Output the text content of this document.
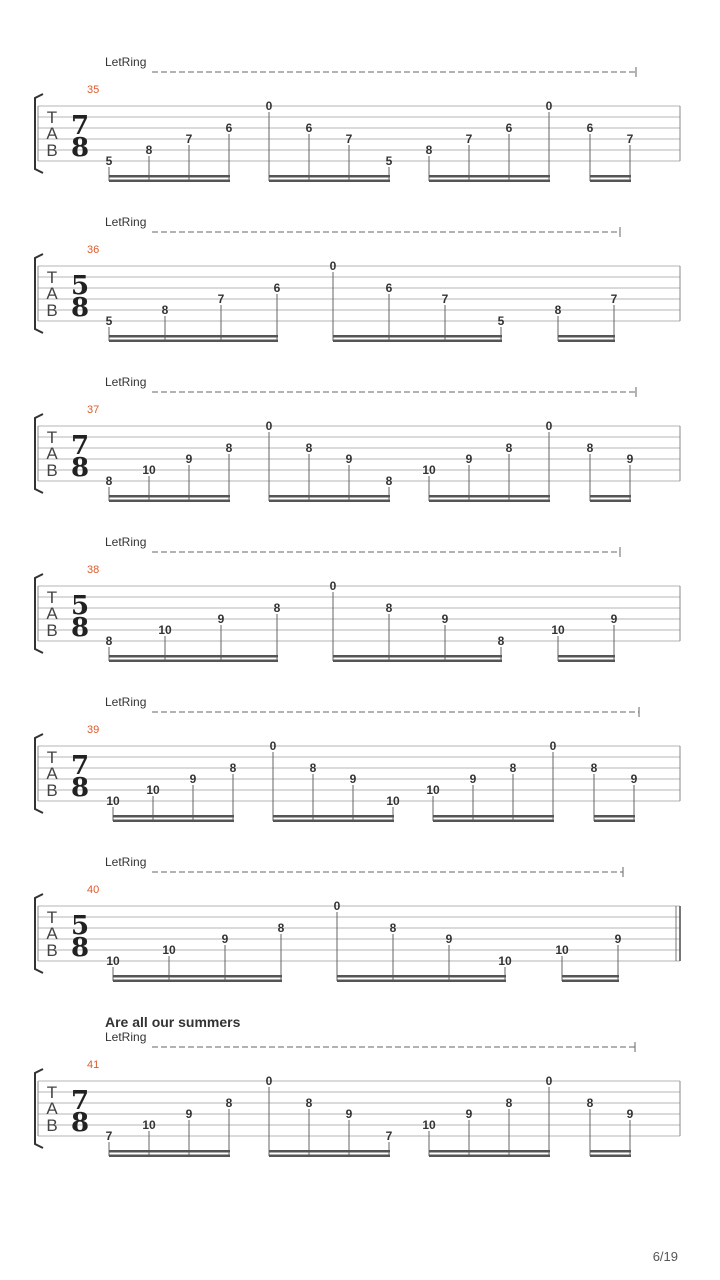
LetRing
35
T
A
B
7
8 5
8
7
6
0
6
7
5
8
7
6
0
6
7
LetRing
36
T
A
B
5
8 5
8
7
6
0
6
7
5
8
7
LetRing
37
T
A
B
7
8 8
10
9
8
0
8
9
8
10
9
8
0
8
9
LetRing
38
T
A
B
5
8 8
10
9
8
0
8
9
8
10
9
LetRing
39
T
A
B
7
8 10
10
9
8
0
8
9
10
10
9
8
0
8
9
LetRing
40
T
A
B
5
8 10
10
9
8
0
8
9
10
10
9
LetRing
41
T
A
B
7
8 7
10
9
8
0
8
9
7
10
9
8
0
8
9
Are all our summers
6/19
